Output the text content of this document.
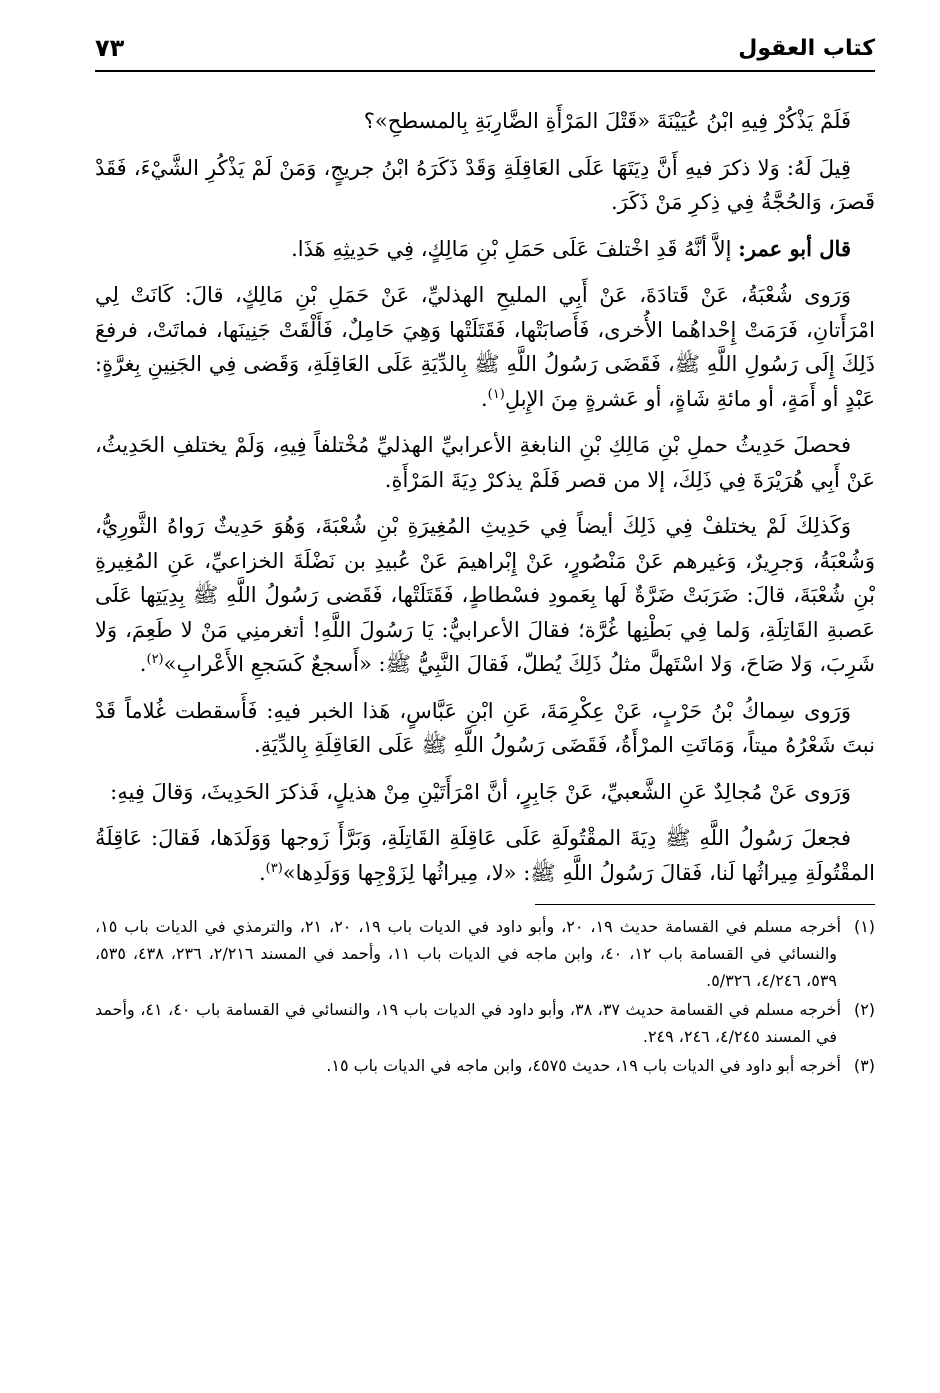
كتاب العقول
٧٣

فَلَمْ يَذْكُرْ فِيهِ ابْنُ عُيَيْنَةَ «قَتْلَ المَرْأَةِ الضَّارِبَةِ بِالمسطحِ»؟

قِيلَ لَهُ: وَلا ذكرَ فيهِ أَنَّ دِيَتَهَا عَلَى العَاقِلَةِ وَقَدْ ذَكَرَهُ ابْنُ جريجٍ، وَمَنْ لَمْ يَذْكُرِ الشَّيْءَ، فَقَدْ قَصرَ، وَالحُجَّةُ فِي ذِكرِ مَنْ ذَكَرَ.

قال أبو عمر: إلاَّ أنَّهُ قَدِ اخْتلفَ عَلَى حَمَلِ بْنِ مَالِكٍ، فِي حَدِيثِهِ هَذَا.

وَرَوى شُعْبَةُ، عَنْ قَتادَةَ، عَنْ أَبِي المليحِ الهذليِّ، عَنْ حَمَلِ بْنِ مَالِكٍ، قالَ: كَانَتْ لِي امْرَأَتانِ، فَرَمَتْ إِحْداهُما الأُخرى، فَأَصابَتْها، فَقَتَلَتْها وَهِيَ حَامِلٌ، فَأَلْقَتْ جَنِينَها، فماتَتْ، فرفعَ ذَلِكَ إِلَى رَسُولِ اللَّهِ ﷺ، فَقَضَى رَسُولُ اللَّهِ ﷺ بِالدِّيَةِ عَلَى العَاقِلَةِ، وَقَضى فِي الجَنِينِ بِغرَّةٍ: عَبْدٍ أو أَمَةٍ، أو مائةِ شَاةٍ، أو عَشرةٍ مِنَ الإِبلِ$^{(١)}$.

فحصلَ حَدِيثُ حملِ بْنِ مَالِكِ بْنِ النابغةِ الأعرابيِّ الهذليِّ مُخْتلفاً فِيهِ، وَلَمْ يختلفِ الحَدِيثُ، عَنْ أَبِي هُرَيْرَةَ فِي ذَلِكَ، إلا من قصر فَلَمْ يذكرْ دِيَةَ المَرْأَةِ.

وَكَذلِكَ لَمْ يختلفْ فِي ذَلِكَ أيضاً فِي حَدِيثِ المُغِيرَةِ بْنِ شُعْبَةَ، وَهُوَ حَدِيثٌ رَواهُ الثَّورِيُّ، وَشُعْبَةُ، وَجرِيرٌ، وَغيرهم عَنْ مَنْصُورٍ، عَنْ إِبْراهيمَ عَنْ عُبيدِ بن نَضْلَةَ الخزاعيِّ، عَنِ المُغِيرةِ بْنِ شُعْبَةَ، قالَ: ضَرَبَتْ ضَرَّةٌ لَها بِعَمودِ فسْطاطٍ، فَقَتَلَتْها، فَقَضى رَسُولُ اللَّهِ ﷺ بِدِيَتِها عَلَى عَصبةِ القَاتِلَةِ، وَلما فِي بَطْنِها غُرَّة؛ فقالَ الأعرابيُّ: يَا رَسُولَ اللَّهِ! أتغرمنِي مَنْ لا طَعِمَ، وَلا شَرِبَ، وَلا صَاحَ، وَلا اسْتَهلَّ مثلُ ذَلِكَ يُطلّ، فَقالَ النَّبِيُّ ﷺ: «أَسجعٌ كَسَجعِ الأَعْرابِ»$^{(٢)}$.

وَرَوى سِماكُ بْنُ حَرْبٍ، عَنْ عِكْرِمَةَ، عَنِ ابْنِ عَبَّاسٍ، هَذا الخبر فيهِ: فَأَسقطت غُلاماً قَدْ نبتَ شَعْرُهُ ميتاً، وَمَاتَتِ المرْأَةُ، فَقَضَى رَسُولُ اللَّهِ ﷺ عَلَى العَاقِلَةِ بِالدِّيَةِ.

وَرَوى عَنْ مُجالِدٌ عَنِ الشَّعبيِّ، عَنْ جَابِرٍ، أنَّ امْرَأَتَيْنِ مِنْ هذيلٍ، فَذكرَ الحَدِيثَ، وَقالَ فِيهِ:

فجعلَ رَسُولُ اللَّهِ ﷺ دِيَةَ المقْتُولَةِ عَلَى عَاقِلَةِ القَاتِلَةِ، وَبَرَّأَ زَوجها وَوَلَدَها، فَقالَ: عَاقِلَةُ المقْتُولَةِ مِيراثُها لَنا، فَقالَ رَسُولُ اللَّهِ ﷺ: «لا، مِيراثُها لِزَوْجِها وَوَلَدِها»$^{(٣)}$.

(١)أخرجه مسلم في القسامة حديث ١٩، ٢٠، وأبو داود في الديات باب ١٩، ٢٠، ٢١، والترمذي في الديات باب ١٥، والنسائي في القسامة باب ١٢، ٤٠، وابن ماجه في الديات باب ١١، وأحمد في المسند ٢/٢١٦، ٢٣٦، ٤٣٨، ٥٣٥، ٥٣٩، ٤/٢٤٦، ٥/٣٢٦.

(٢)أخرجه مسلم في القسامة حديث ٣٧، ٣٨، وأبو داود في الديات باب ١٩، والنسائي في القسامة باب ٤٠، ٤١، وأحمد في المسند ٤/٢٤٥، ٢٤٦، ٢٤٩.

(٣)أخرجه أبو داود في الديات باب ١٩، حديث ٤٥٧٥، وابن ماجه في الديات باب ١٥.
